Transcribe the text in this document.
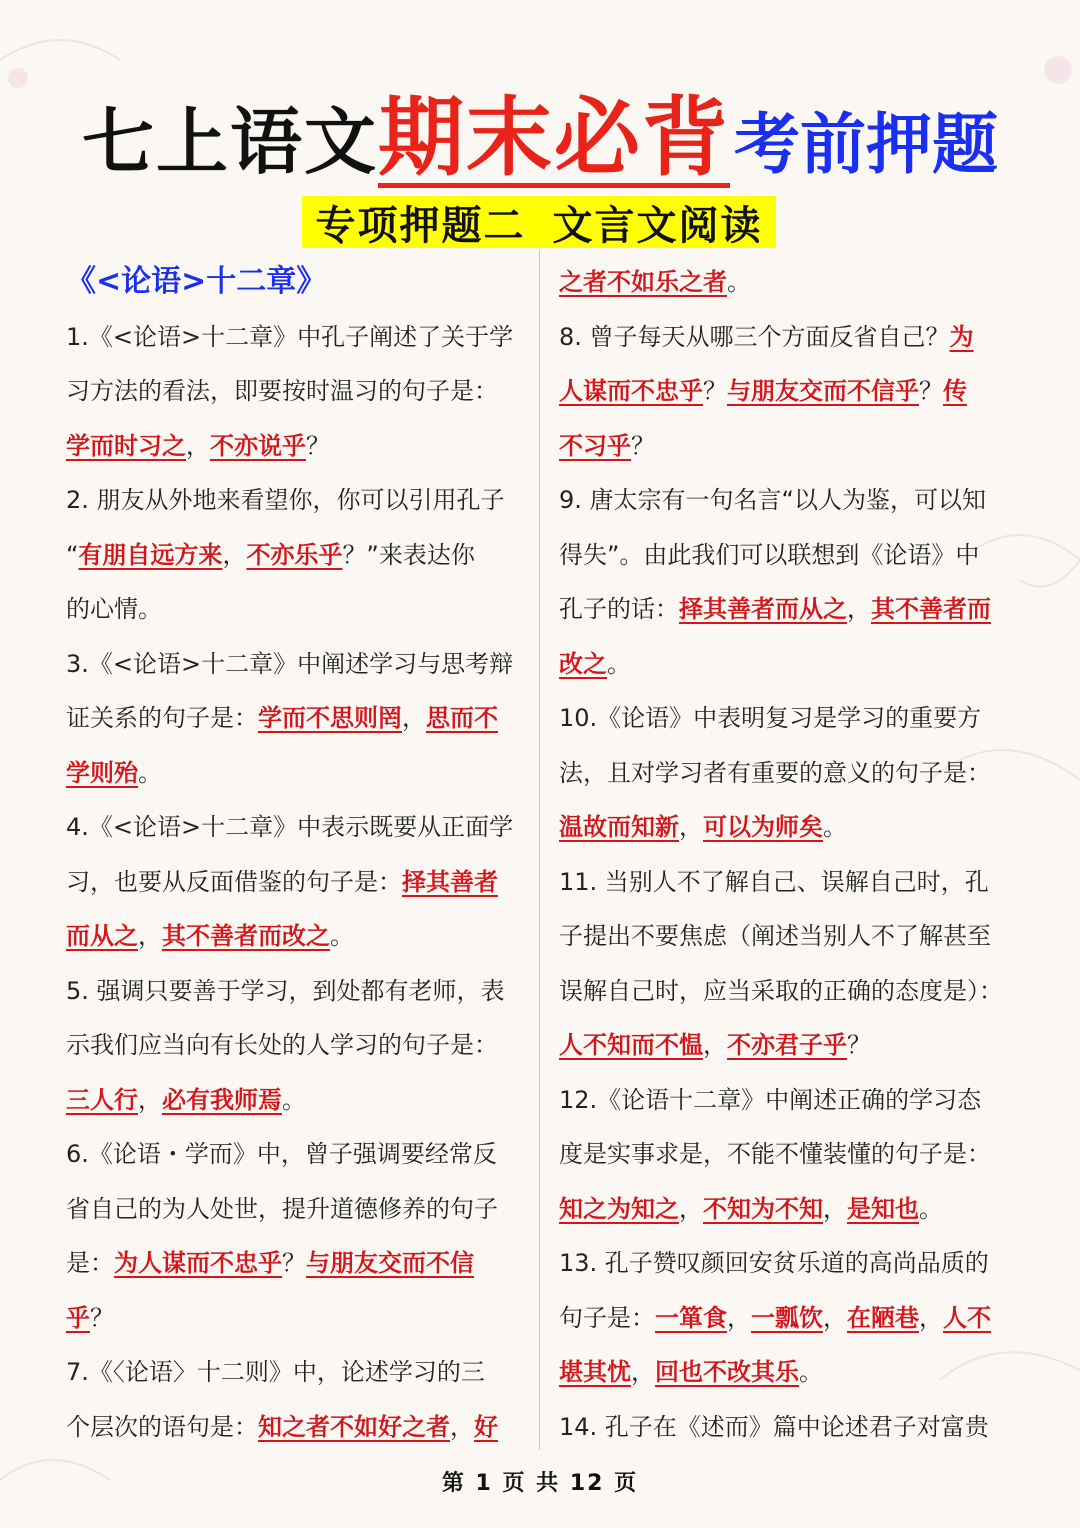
七上语文 期末必背 考前押题
专项押题二 文言文阅读
《<论语>十二章》
1.《<论语>十二章》中孔子阐述了关于学
习方法的看法，即要按时温习的句子是：
学而时习之，不亦说乎？
2. 朋友从外地来看望你，你可以引用孔子
“有朋自远方来，不亦乐乎？”来表达你
的心情。
3.《<论语>十二章》中阐述学习与思考辩
证关系的句子是：学而不思则罔，思而不
学则殆。
4.《<论语>十二章》中表示既要从正面学
习，也要从反面借鉴的句子是：择其善者
而从之，其不善者而改之。
5. 强调只要善于学习，到处都有老师，表
示我们应当向有长处的人学习的句子是：
三人行，必有我师焉。
6.《论语・学而》中，曾子强调要经常反
省自己的为人处世，提升道德修养的句子
是：为人谋而不忠乎？与朋友交而不信
乎？
7.《〈论语〉十二则》中，论述学习的三
个层次的语句是：知之者不如好之者，好
之者不如乐之者。
8. 曾子每天从哪三个方面反省自己？为
人谋而不忠乎？与朋友交而不信乎？传
不习乎？
9. 唐太宗有一句名言“以人为鉴，可以知
得失”。由此我们可以联想到《论语》中
孔子的话：择其善者而从之，其不善者而
改之。
10.《论语》中表明复习是学习的重要方
法，且对学习者有重要的意义的句子是：
温故而知新，可以为师矣。
11. 当别人不了解自己、误解自己时，孔
子提出不要焦虑（阐述当别人不了解甚至
误解自己时，应当采取的正确的态度是）：
人不知而不愠，不亦君子乎？
12.《论语十二章》中阐述正确的学习态
度是实事求是，不能不懂装懂的句子是：
知之为知之，不知为不知，是知也。
13. 孔子赞叹颜回安贫乐道的高尚品质的
句子是：一箪食，一瓢饮，在陋巷，人不
堪其忧，回也不改其乐。
14. 孔子在《述而》篇中论述君子对富贵
第 1 页 共 12 页
